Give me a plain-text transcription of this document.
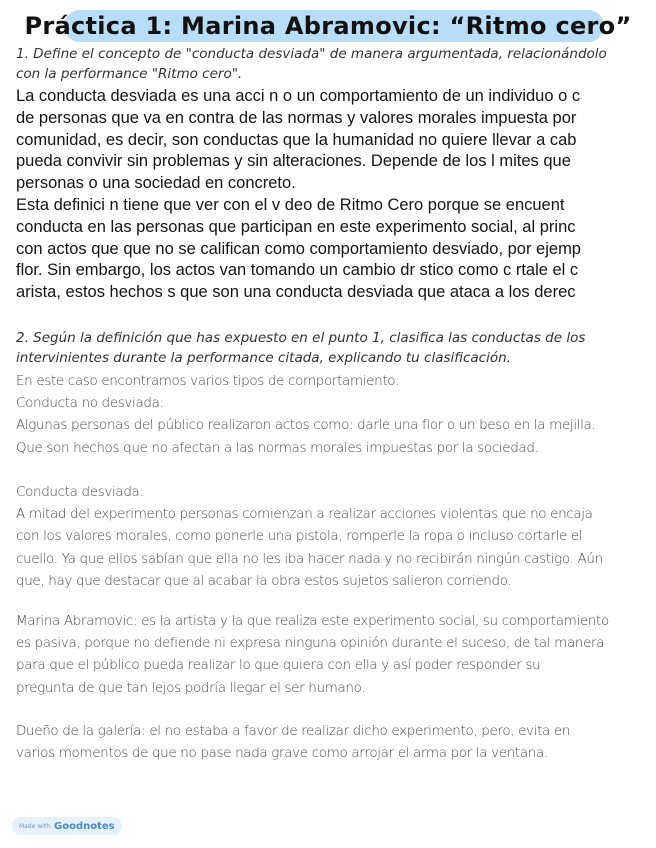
Práctica 1: Marina Abramovic: “Ritmo cero”
1. Define el concepto de "conducta desviada" de manera argumentada, relacionándolo
con la performance "Ritmo cero".
La conducta desviada es una acci n o un comportamiento de un individuo o c
de personas que va en contra de las normas y valores morales impuesta por
comunidad, es decir, son conductas que la humanidad no quiere llevar a cab
pueda convivir sin problemas y sin alteraciones. Depende de los l mites que
personas o una sociedad en concreto.
Esta definici n tiene que ver con el v deo de Ritmo Cero porque se encuent
conducta en las personas que participan en este experimento social, al princ
con actos que que no se califican como comportamiento desviado, por ejemp
flor. Sin embargo, los actos van tomando un cambio dr stico como c rtale el c
arista, estos hechos s que son una conducta desviada que ataca a los derec
2. Según la definición que has expuesto en el punto 1, clasifica las conductas de los
intervinientes durante la performance citada, explicando tu clasificación.
En este caso encontramos varios tipos de comportamiento:
Conducta no desviada:
Algunas personas del público realizaron actos como: darle una flor o un beso en la mejilla.
Que son hechos que no afectan a las normas morales impuestas por la sociedad.
Conducta desviada:
A mitad del experimento personas comienzan a realizar acciones violentas que no encaja
con los valores morales, como ponerle una pistola, romperle la ropa o incluso cortarle el
cuello. Ya que ellos sabían que ella no les iba hacer nada y no recibirán ningún castigo. Aún
que, hay que destacar que al acabar la obra estos sujetos salieron corriendo.
Marina Abramovic: es la artista y la que realiza este experimento social, su comportamiento
es pasiva, porque no defiende ni expresa ninguna opinión durante el suceso, de tal manera
para que el público pueda realizar lo que quiera con ella y así poder responder su
pregunta de que tan lejos podría llegar el ser humano.
Dueño de la galería: el no estaba a favor de realizar dicho experimento, pero, evita en
varios momentos de que no pase nada grave como arrojar el arma por la ventana.
Made with Goodnotes
